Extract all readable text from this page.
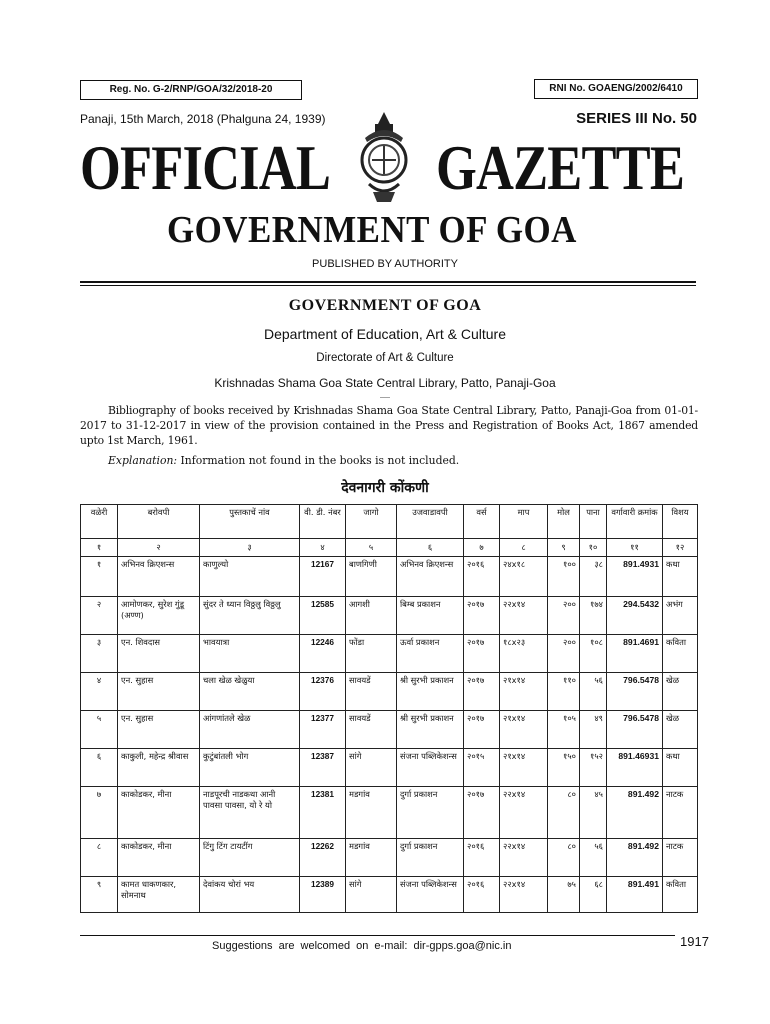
Reg. No. G-2/RNP/GOA/32/2018-20	RNI No. GOAENG/2002/6410
Panaji, 15th March, 2018 (Phalguna 24, 1939)	SERIES III No. 50
OFFICIAL GAZETTE
GOVERNMENT OF GOA
PUBLISHED BY AUTHORITY
GOVERNMENT OF GOA
Department of Education, Art & Culture
Directorate of Art & Culture
Krishnadas Shama Goa State Central Library, Patto, Panaji-Goa
__
Bibliography of books received by Krishnadas Shama Goa State Central Library, Patto, Panaji-Goa from 01-01-2017 to 31-12-2017 in view of the provision contained in the Press and Registration of Books Act, 1867 amended upto 1st March, 1961.
Explanation: Information not found in the books is not included.
देवनागरी कोंकणी
वळेरी	बरोवपी	पुस्तकाचें नांव	वी. डी. नंबर	जागो	उजवाडावपी	वर्स	माप	मोल	पाना	वर्गावारी क्रमांक	विशय
१	२	३	४	५	६	७	८	९	१०	११	१२
१	अभिनव क्रिएशन्स	काणुल्यो	12167	बाणगिणी	अभिनव क्रिएशन्स	२०१६	२४x१८	१००	३८	891.4931	कथा
२	आमोणकर, सुरेश गुंडू (अण्ण)	सुंदर ते ध्यान विठ्ठलु विठ्ठलु	12585	आगशी	बिम्ब प्रकाशन	२०१७	२२x१४	२००	१७४	294.5432	अभंग
३	एन. शिवदास	भावयात्रा	12246	फोंडा	ऊर्वा प्रकाशन	२०१७	१८x२३	२००	१०८	891.4691	कविता
४	एन. सुहास	चला खेळ खेळुया	12376	सावयडें	श्री सुरभी प्रकाशन	२०१७	२१x१४	११०	५६	796.5478	खेळ
५	एन. सुहास	आंगणांतले खेळ	12377	सावयडें	श्री सुरभी प्रकाशन	२०१७	२१x१४	१०५	४९	796.5478	खेळ
६	काकुली, महेन्द्र श्रीवास	कुटुंबांतली भोग	12387	सांगे	संजना पब्लिकेशन्स	२०१५	२१x१४	१५०	१५२	891.46931	कथा
७	काकोडकर, मीना	नाडपूरची नाडकथा आनी पावसा पावसा, यो रे यो	12381	मडगांव	दुर्गा प्रकाशन	२०१७	२२x१४	८०	४५	891.492	नाटक
८	काकोडकर, मीना	टिंगु टिंग टायटींग	12262	मडगांव	दुर्गा प्रकाशन	२०१६	२२x१४	८०	५६	891.492	नाटक
९	कामत धाकणकार, सोमनाथ	देवांकय चोरां भय	12389	सांगे	संजना पब्लिकेशन्स	२०१६	२२x१४	७५	६८	891.491	कविता
Suggestions are welcomed on e-mail: dir-gpps.goa@nic.in	1917
